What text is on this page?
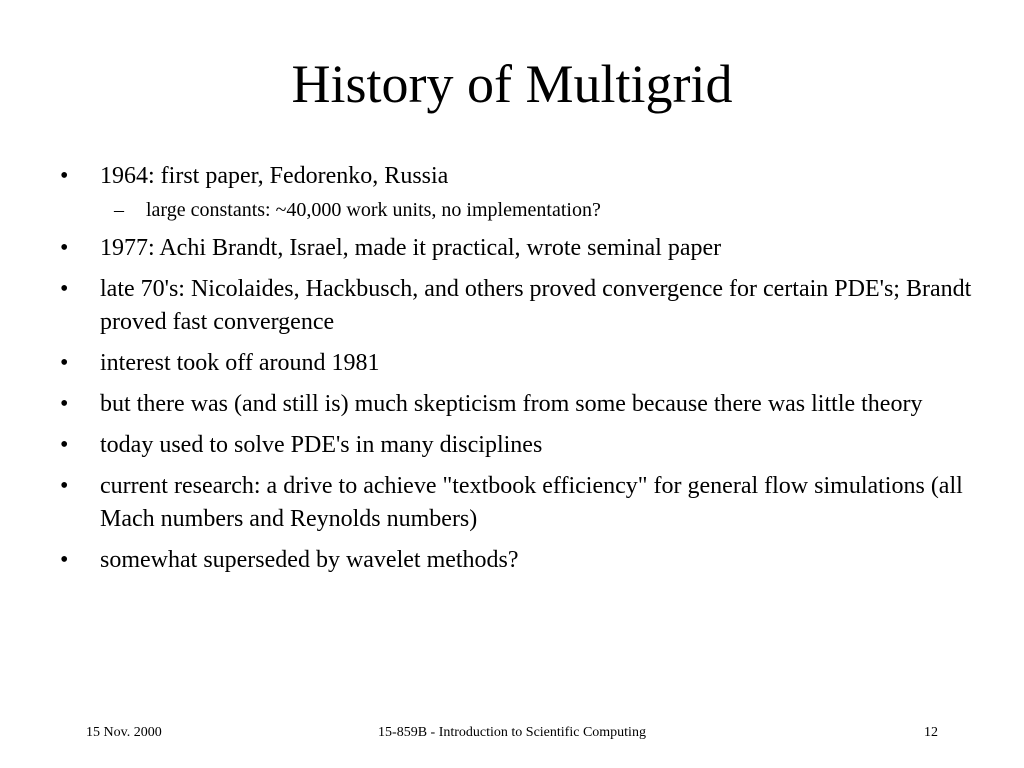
History of Multigrid
•	1964: first paper, Fedorenko, Russia
– large constants: ~40,000 work units, no implementation?
•	1977: Achi Brandt, Israel, made it practical, wrote seminal paper
•	late 70's: Nicolaides, Hackbusch, and others proved convergence for certain PDE's; Brandt proved fast convergence
•	interest took off around 1981
•	but there was (and still is) much skepticism from some because there was little theory
•	today used to solve PDE's in many disciplines
•	current research: a drive to achieve "textbook efficiency" for general flow simulations (all Mach numbers and Reynolds numbers)
•	somewhat superseded by wavelet methods?
15 Nov. 2000	15-859B - Introduction to Scientific Computing	12
